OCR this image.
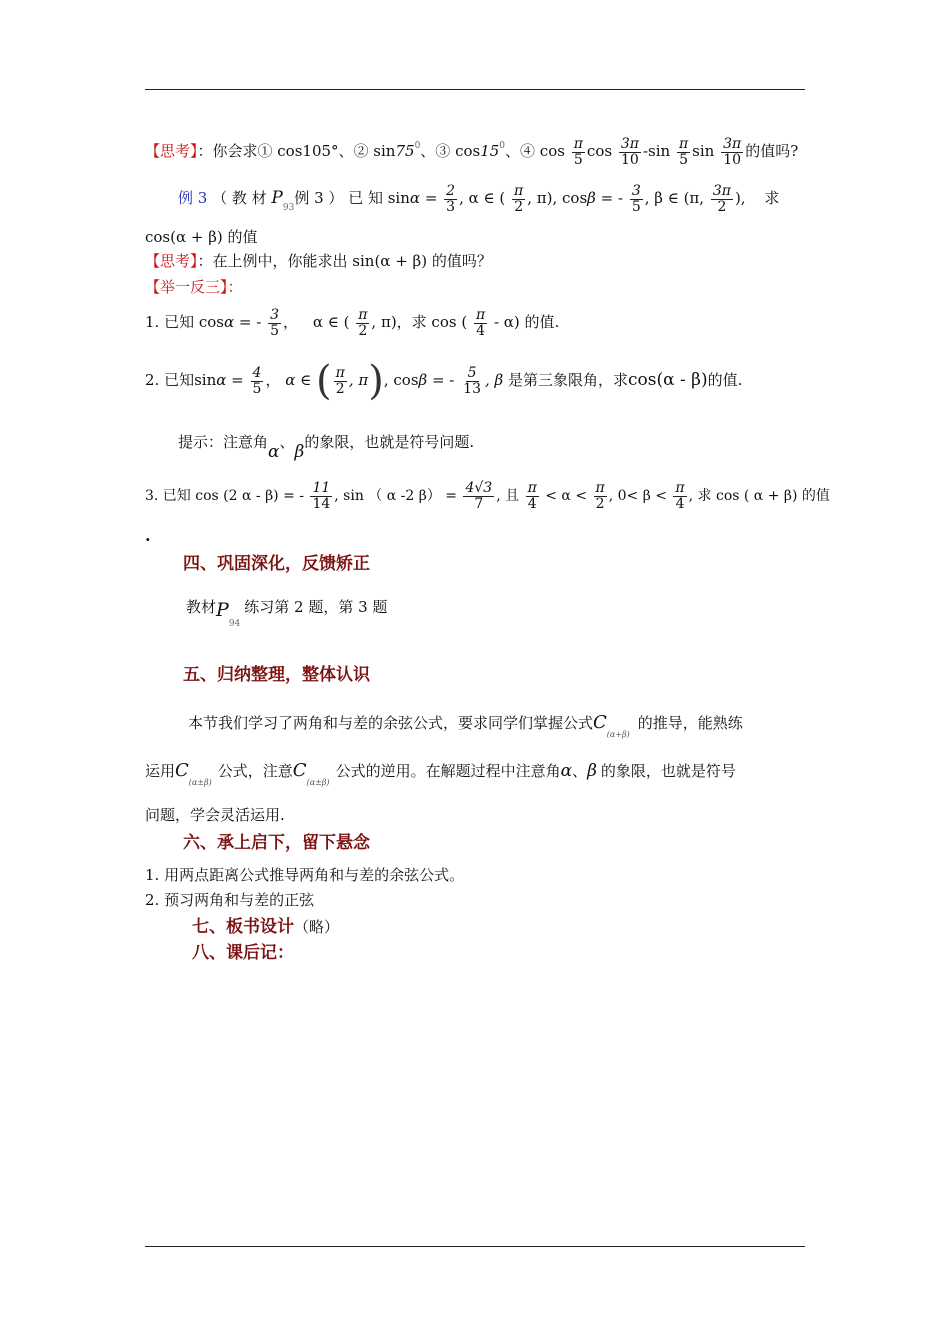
【思考】：你会求① cos105°、② $\sin 75^0$、③ $\cos 15^0$、④ $\cos \frac{\pi}{5}$ $\cos \frac{3\pi}{10} -\sin \frac{\pi}{5}$ $\sin \frac{3\pi}{10}$ 的值吗?
例 3 （ 教 材 $P_{93}$例 3 ） 已 知 $\sin\alpha = \frac{2}{3}$ , α ∈ ( $\frac{\pi}{2}$ , π), cosβ = - $\frac{3}{5}$ , β ∈ (π, $\frac{3\pi}{2}$ ), 求
cos(α + β) 的值
【思考】：在上例中，你能求出 sin(α + β) 的值吗？
【举一反三】：
1. 已知 cosα = - $\frac{3}{5}$ ， α ∈ ( $\frac{\pi}{2}$ , π)，求 cos ( $\frac{\pi}{4} - \alpha$) 的值.
2. 已知$\sin\alpha = \frac{4}{5}$ ， α ∈ ( $\frac{\pi}{2}$ , π), cosβ = - $\frac{5}{13}$ , β 是第三象限角，求cos(α - β)的值.
提示：注意角α、β的象限，也就是符号问题.
3. 已知 cos (2 α - β) = - $\frac{11}{14}$ , sin （ α -2 $\beta) = \frac{4√3}{7}$ , 且 $\frac{\pi}{4} < \alpha < \frac{\pi}{2}$ , $0< \beta < \frac{\pi}{4}$ , 求 cos ( α + β) 的值
.
四、巩固深化，反馈矫正
教材$P_{94}$练习第 2 题，第 3 题
五、归纳整理，整体认识
本节我们学习了两角和与差的余弦公式，要求同学们掌握公式$C_{(\alpha+\beta)}$的推导，能熟练
运用$C_{(\alpha\pm\beta)}$公式，注意$C_{(\alpha\pm\beta)}$公式的逆用。在解题过程中注意角α、β 的象限，也就是符号
问题，学会灵活运用.
六、承上启下，留下悬念
1. 用两点距离公式推导两角和与差的余弦公式。
2. 预习两角和与差的正弦
七、板书设计（略）
八、课后记：
